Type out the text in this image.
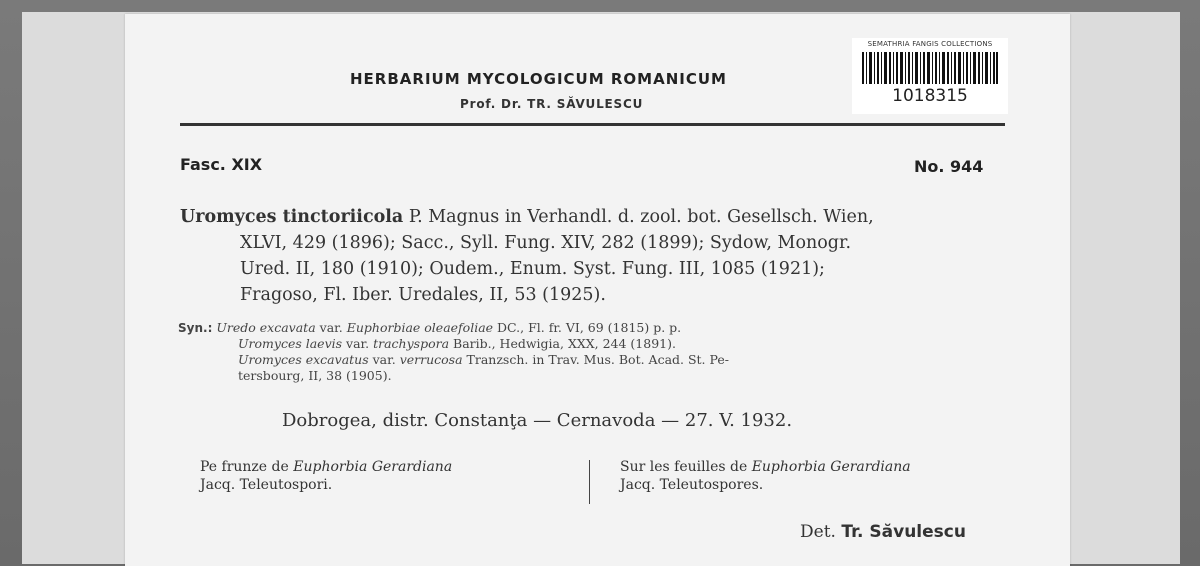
SEMATHRIA FANGIS COLLECTIONS
1018315
HERBARIUM MYCOLOGICUM ROMANICUM
Prof. Dr. TR. SĂVULESCU
Fasc. XIX	No. 944
Uromyces tinctoriicola P. Magnus in Verhandl. d. zool. bot. Gesellsch. Wien,
XLVI, 429 (1896); Sacc., Syll. Fung. XIV, 282 (1899); Sydow, Monogr.
Ured. II, 180 (1910); Oudem., Enum. Syst. Fung. III, 1085 (1921);
Fragoso, Fl. Iber. Uredales, II, 53 (1925).
Syn.: Uredo excavata var. Euphorbiae oleaefoliae DC., Fl. fr. VI, 69 (1815) p. p.
Uromyces laevis var. trachyspora Barib., Hedwigia, XXX, 244 (1891).
Uromyces excavatus var. verrucosa Tranzsch. in Trav. Mus. Bot. Acad. St. Pe-
tersbourg, II, 38 (1905).
Dobrogea, distr. Constanţa — Cernavoda — 27. V. 1932.
Pe frunze de Euphorbia Gerardiana
Jacq. Teleutospori.
Sur les feuilles de Euphorbia Gerardiana
Jacq. Teleutospores.
Det. Tr. Săvulescu
